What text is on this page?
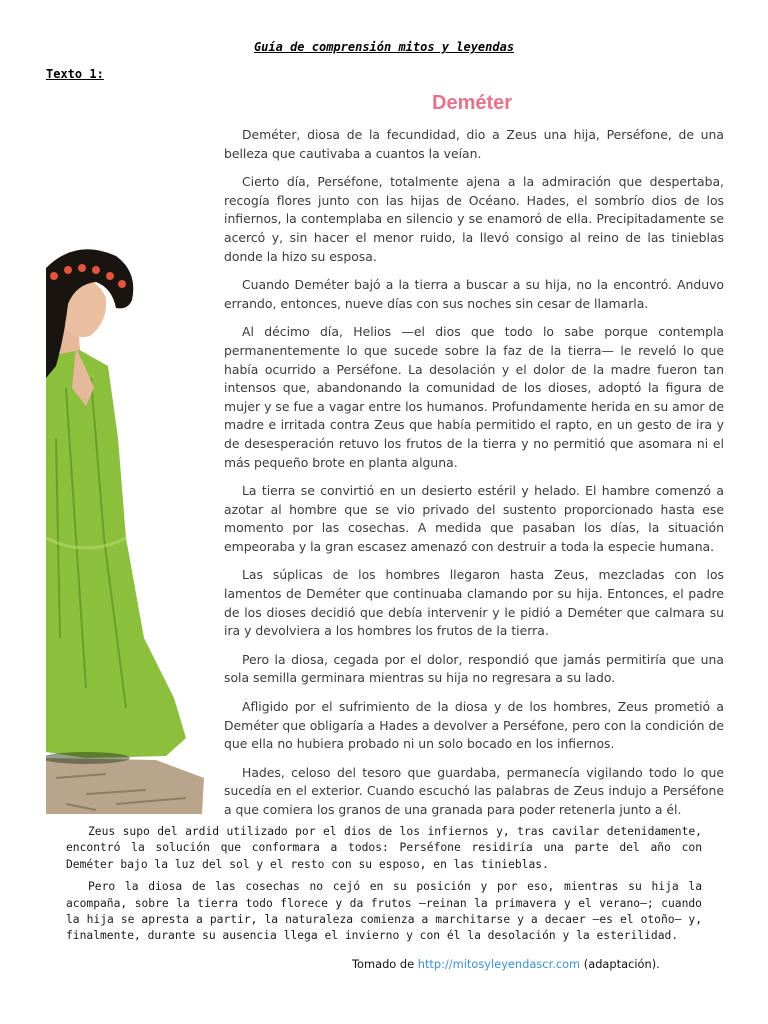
Guía de comprensión mitos y leyendas
Texto 1:
Deméter

Deméter, diosa de la fecundidad, dio a Zeus una hija, Perséfone, de una belleza que cautivaba a cuantos la veían.

Cierto día, Perséfone, totalmente ajena a la admiración que despertaba, recogía flores junto con las hijas de Océano. Hades, el sombrío dios de los infiernos, la contemplaba en silencio y se enamoró de ella. Precipitadamente se acercó y, sin hacer el menor ruido, la llevó consigo al reino de las tinieblas donde la hizo su esposa.

Cuando Deméter bajó a la tierra a buscar a su hija, no la encontró. Anduvo errando, entonces, nueve días con sus noches sin cesar de llamarla.

Al décimo día, Helios —el dios que todo lo sabe porque contempla permanentemente lo que sucede sobre la faz de la tierra— le reveló lo que había ocurrido a Perséfone. La desolación y el dolor de la madre fueron tan intensos que, abandonando la comunidad de los dioses, adoptó la figura de mujer y se fue a vagar entre los humanos. Profundamente herida en su amor de madre e irritada contra Zeus que había permitido el rapto, en un gesto de ira y de desesperación retuvo los frutos de la tierra y no permitió que asomara ni el más pequeño brote en planta alguna.

La tierra se convirtió en un desierto estéril y helado. El hambre comenzó a azotar al hombre que se vio privado del sustento proporcionado hasta ese momento por las cosechas. A medida que pasaban los días, la situación empeoraba y la gran escasez amenazó con destruir a toda la especie humana.

Las súplicas de los hombres llegaron hasta Zeus, mezcladas con los lamentos de Deméter que continuaba clamando por su hija. Entonces, el padre de los dioses decidió que debía intervenir y le pidió a Deméter que calmara su ira y devolviera a los hombres los frutos de la tierra.

Pero la diosa, cegada por el dolor, respondió que jamás permitiría que una sola semilla germinara mientras su hija no regresara a su lado.

Afligido por el sufrimiento de la diosa y de los hombres, Zeus prometió a Deméter que obligaría a Hades a devolver a Perséfone, pero con la condición de que ella no hubiera probado ni un solo bocado en los infiernos.

Hades, celoso del tesoro que guardaba, permanecía vigilando todo lo que sucedía en el exterior. Cuando escuchó las palabras de Zeus indujo a Perséfone a que comiera los granos de una granada para poder retenerla junto a él.

Zeus supo del ardid utilizado por el dios de los infiernos y, tras cavilar detenidamente, encontró la solución que conformara a todos: Perséfone residiría una parte del año con Deméter bajo la luz del sol y el resto con su esposo, en las tinieblas.

Pero la diosa de las cosechas no cejó en su posición y por eso, mientras su hija la acompaña, sobre la tierra todo florece y da frutos —reinan la primavera y el verano—; cuando la hija se apresta a partir, la naturaleza comienza a marchitarse y a decaer —es el otoño— y, finalmente, durante su ausencia llega el invierno y con él la desolación y la esterilidad.

Tomado de http://mitosyleyendascr.com (adaptación).
